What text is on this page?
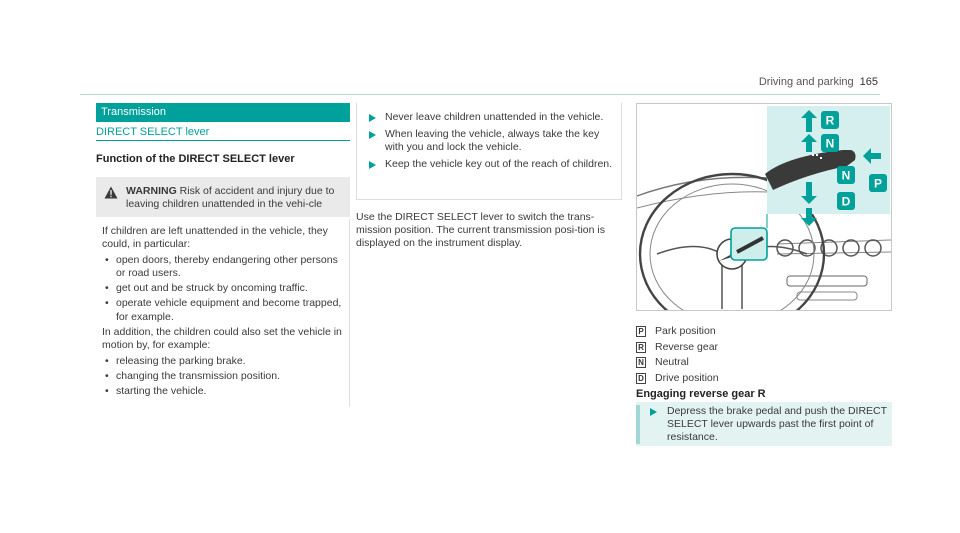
Driving and parking 165
Transmission
DIRECT SELECT lever
Function of the DIRECT SELECT lever
WARNING Risk of accident and injury due to leaving children unattended in the vehi-cle

If children are left unattended in the vehicle, they could, in particular:

• open doors, thereby endangering other persons or road users.
• get out and be struck by oncoming traffic.
• operate vehicle equipment and become trapped, for example.

In addition, the children could also set the vehicle in motion by, for example:

• releasing the parking brake.
• changing the transmission position.
• starting the vehicle.
Never leave children unattended in the vehicle.
When leaving the vehicle, always take the key with you and lock the vehicle.
Keep the vehicle key out of the reach of children.

Use the DIRECT SELECT lever to switch the trans-mission position. The current transmission posi-tion is displayed on the instrument display.

R
N
N
D
P
P Park position
R Reverse gear
N Neutral
D Drive position
Engaging reverse gear R
Depress the brake pedal and push the DIRECT SELECT lever upwards past the first point of resistance.
